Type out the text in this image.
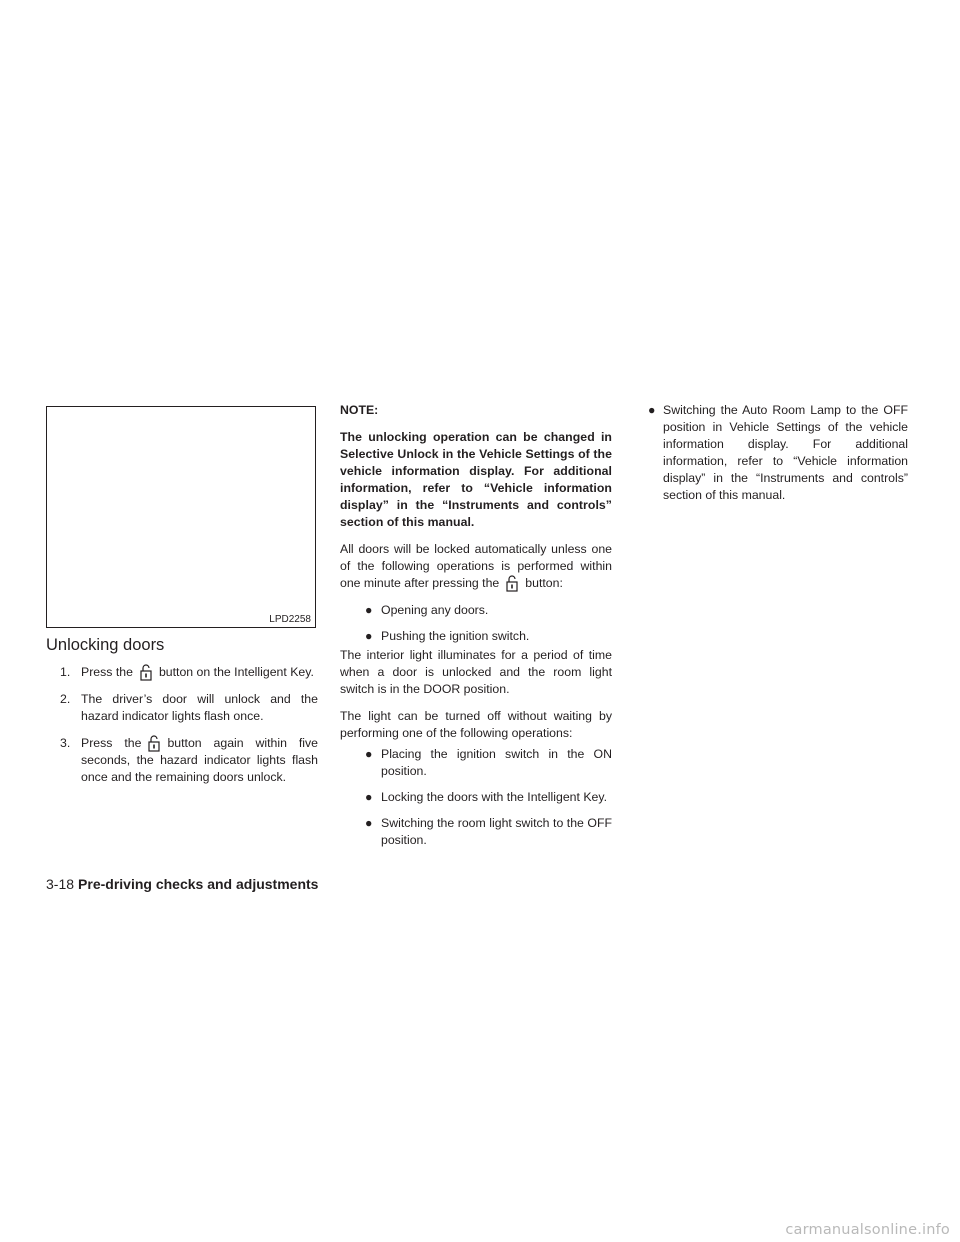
LPD2258
Unlocking doors
1. Press the button on the Intelligent Key.
2. The driver’s door will unlock and the hazard indicator lights flash once.
3. Press the button again within five seconds, the hazard indicator lights flash once and the remaining doors unlock.

NOTE:

The unlocking operation can be changed in Selective Unlock in the Vehicle Settings of the vehicle information display. For additional information, refer to “Vehicle information display” in the “Instruments and controls” section of this manual.

All doors will be locked automatically unless one of the following operations is performed within one minute after pressing the button:

● Opening any doors.
● Pushing the ignition switch.

The interior light illuminates for a period of time when a door is unlocked and the room light switch is in the DOOR position.

The light can be turned off without waiting by performing one of the following operations:

● Placing the ignition switch in the ON position.
● Locking the doors with the Intelligent Key.
● Switching the room light switch to the OFF position.
● Switching the Auto Room Lamp to the OFF position in Vehicle Settings of the vehicle information display. For additional information, refer to “Vehicle information display” in the “Instruments and controls” section of this manual.
3-18 Pre-driving checks and adjustments
carmanualsonline.info
